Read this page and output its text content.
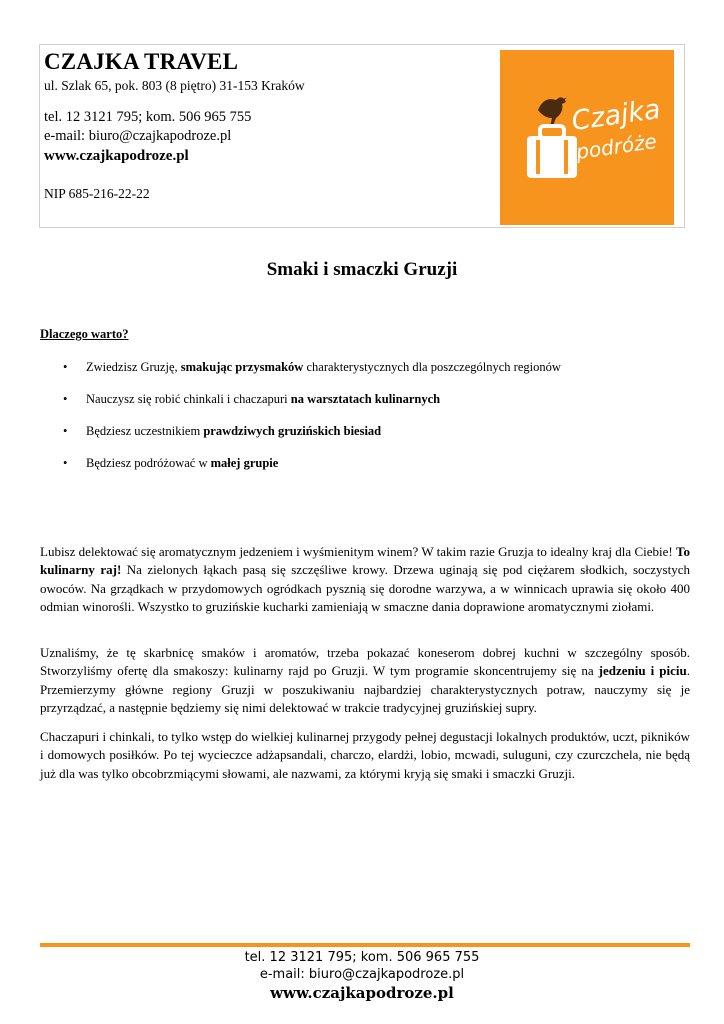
CZAJKA TRAVEL
ul. Szlak 65, pok. 803 (8 piętro) 31-153 Kraków
tel. 12 3121 795; kom. 506 965 755
e-mail: biuro@czajkapodroze.pl
www.czajkapodroze.pl
NIP 685-216-22-22
Czajka
podróże
Smaki i smaczki Gruzji
Dlaczego warto?
• Zwiedzisz Gruzję, smakując przysmaków charakterystycznych dla poszczególnych regionów
• Nauczysz się robić chinkali i chaczapuri na warsztatach kulinarnych
• Będziesz uczestnikiem prawdziwych gruzińskich biesiad
• Będziesz podróżować w małej grupie
Lubisz delektować się aromatycznym jedzeniem i wyśmienitym winem? W takim razie Gruzja to idealny kraj dla Ciebie! To kulinarny raj! Na zielonych łąkach pasą się szczęśliwe krowy. Drzewa uginają się pod ciężarem słodkich, soczystych owoców. Na grządkach w przydomowych ogródkach pysznią się dorodne warzywa, a w winnicach uprawia się około 400 odmian winorośli. Wszystko to gruzińskie kucharki zamieniają w smaczne dania doprawione aromatycznymi ziołami.
Uznaliśmy, że tę skarbnicę smaków i aromatów, trzeba pokazać koneserom dobrej kuchni w szczególny sposób. Stworzyliśmy ofertę dla smakoszy: kulinarny rajd po Gruzji. W tym programie skoncentrujemy się na jedzeniu i piciu. Przemierzymy główne regiony Gruzji w poszukiwaniu najbardziej charakterystycznych potraw, nauczymy się je przyrządzać, a następnie będziemy się nimi delektować w trakcie tradycyjnej gruzińskiej supry.
Chaczapuri i chinkali, to tylko wstęp do wielkiej kulinarnej przygody pełnej degustacji lokalnych produktów, uczt, pikników i domowych posiłków. Po tej wycieczce adżapsandali, charczo, elardżi, lobio, mcwadi, suluguni, czy czurczchela, nie będą już dla was tylko obcobrzmiącymi słowami, ale nazwami, za którymi kryją się smaki i smaczki Gruzji.
tel. 12 3121 795; kom. 506 965 755
e-mail: biuro@czajkapodroze.pl
www.czajkapodroze.pl
